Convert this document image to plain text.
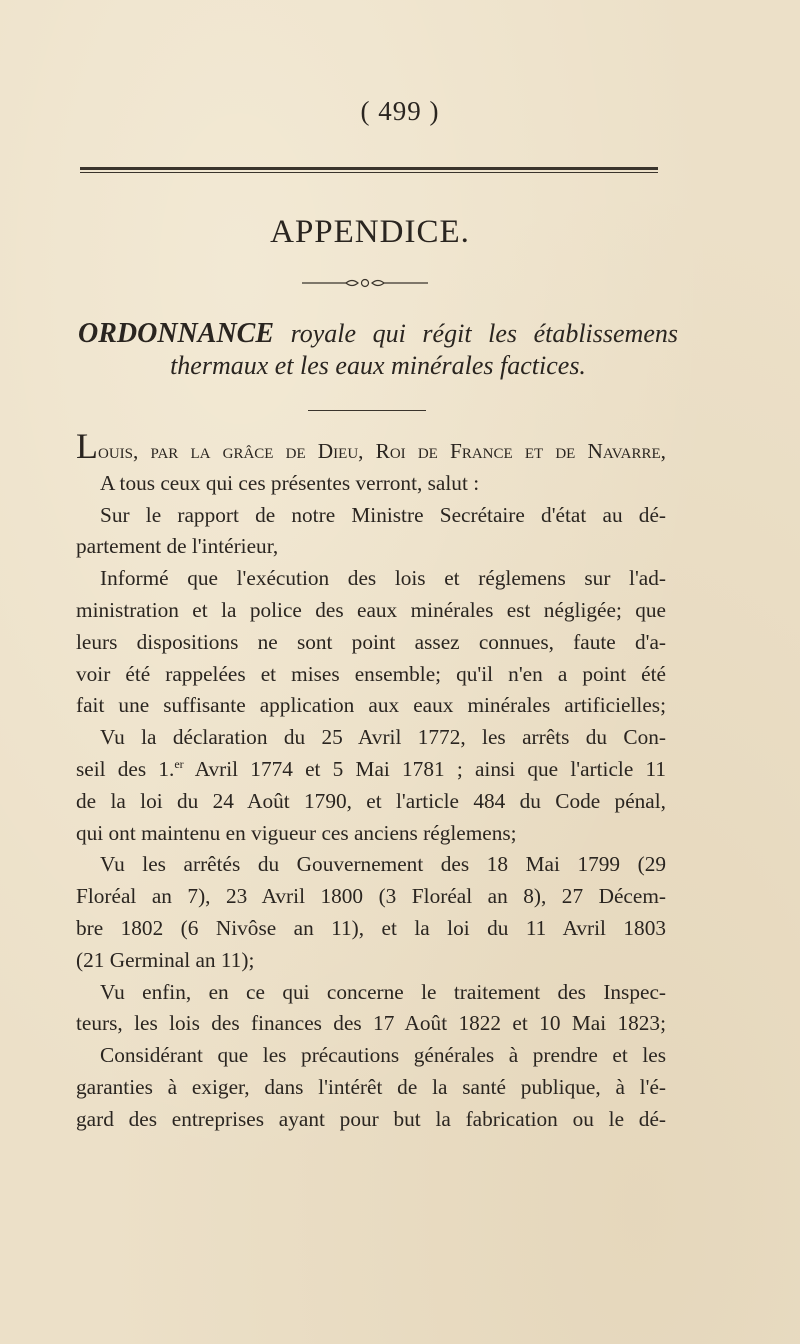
( 499 )
APPENDICE.
ORDONNANCE royale qui régit les établissemens
thermaux et les eaux minérales factices.
Louis, par la grâce de Dieu, Roi de France et de Navarre,
A tous ceux qui ces présentes verront, salut :
Sur le rapport de notre Ministre Secrétaire d'état au dé-
partement de l'intérieur,
Informé que l'exécution des lois et réglemens sur l'ad-
ministration et la police des eaux minérales est négligée; que
leurs dispositions ne sont point assez connues, faute d'a-
voir été rappelées et mises ensemble; qu'il n'en a point été
fait une suffisante application aux eaux minérales artificielles;
Vu la déclaration du 25 Avril 1772, les arrêts du Con-
seil des 1.$^{er}$ Avril 1774 et 5 Mai 1781 ; ainsi que l'article 11
de la loi du 24 Août 1790, et l'article 484 du Code pénal,
qui ont maintenu en vigueur ces anciens réglemens;
Vu les arrêtés du Gouvernement des 18 Mai 1799 (29
Floréal an 7), 23 Avril 1800 (3 Floréal an 8), 27 Décem-
bre 1802 (6 Nivôse an 11), et la loi du 11 Avril 1803
(21 Germinal an 11);
Vu enfin, en ce qui concerne le traitement des Inspec-
teurs, les lois des finances des 17 Août 1822 et 10 Mai 1823;
Considérant que les précautions générales à prendre et les
garanties à exiger, dans l'intérêt de la santé publique, à l'é-
gard des entreprises ayant pour but la fabrication ou le dé-
